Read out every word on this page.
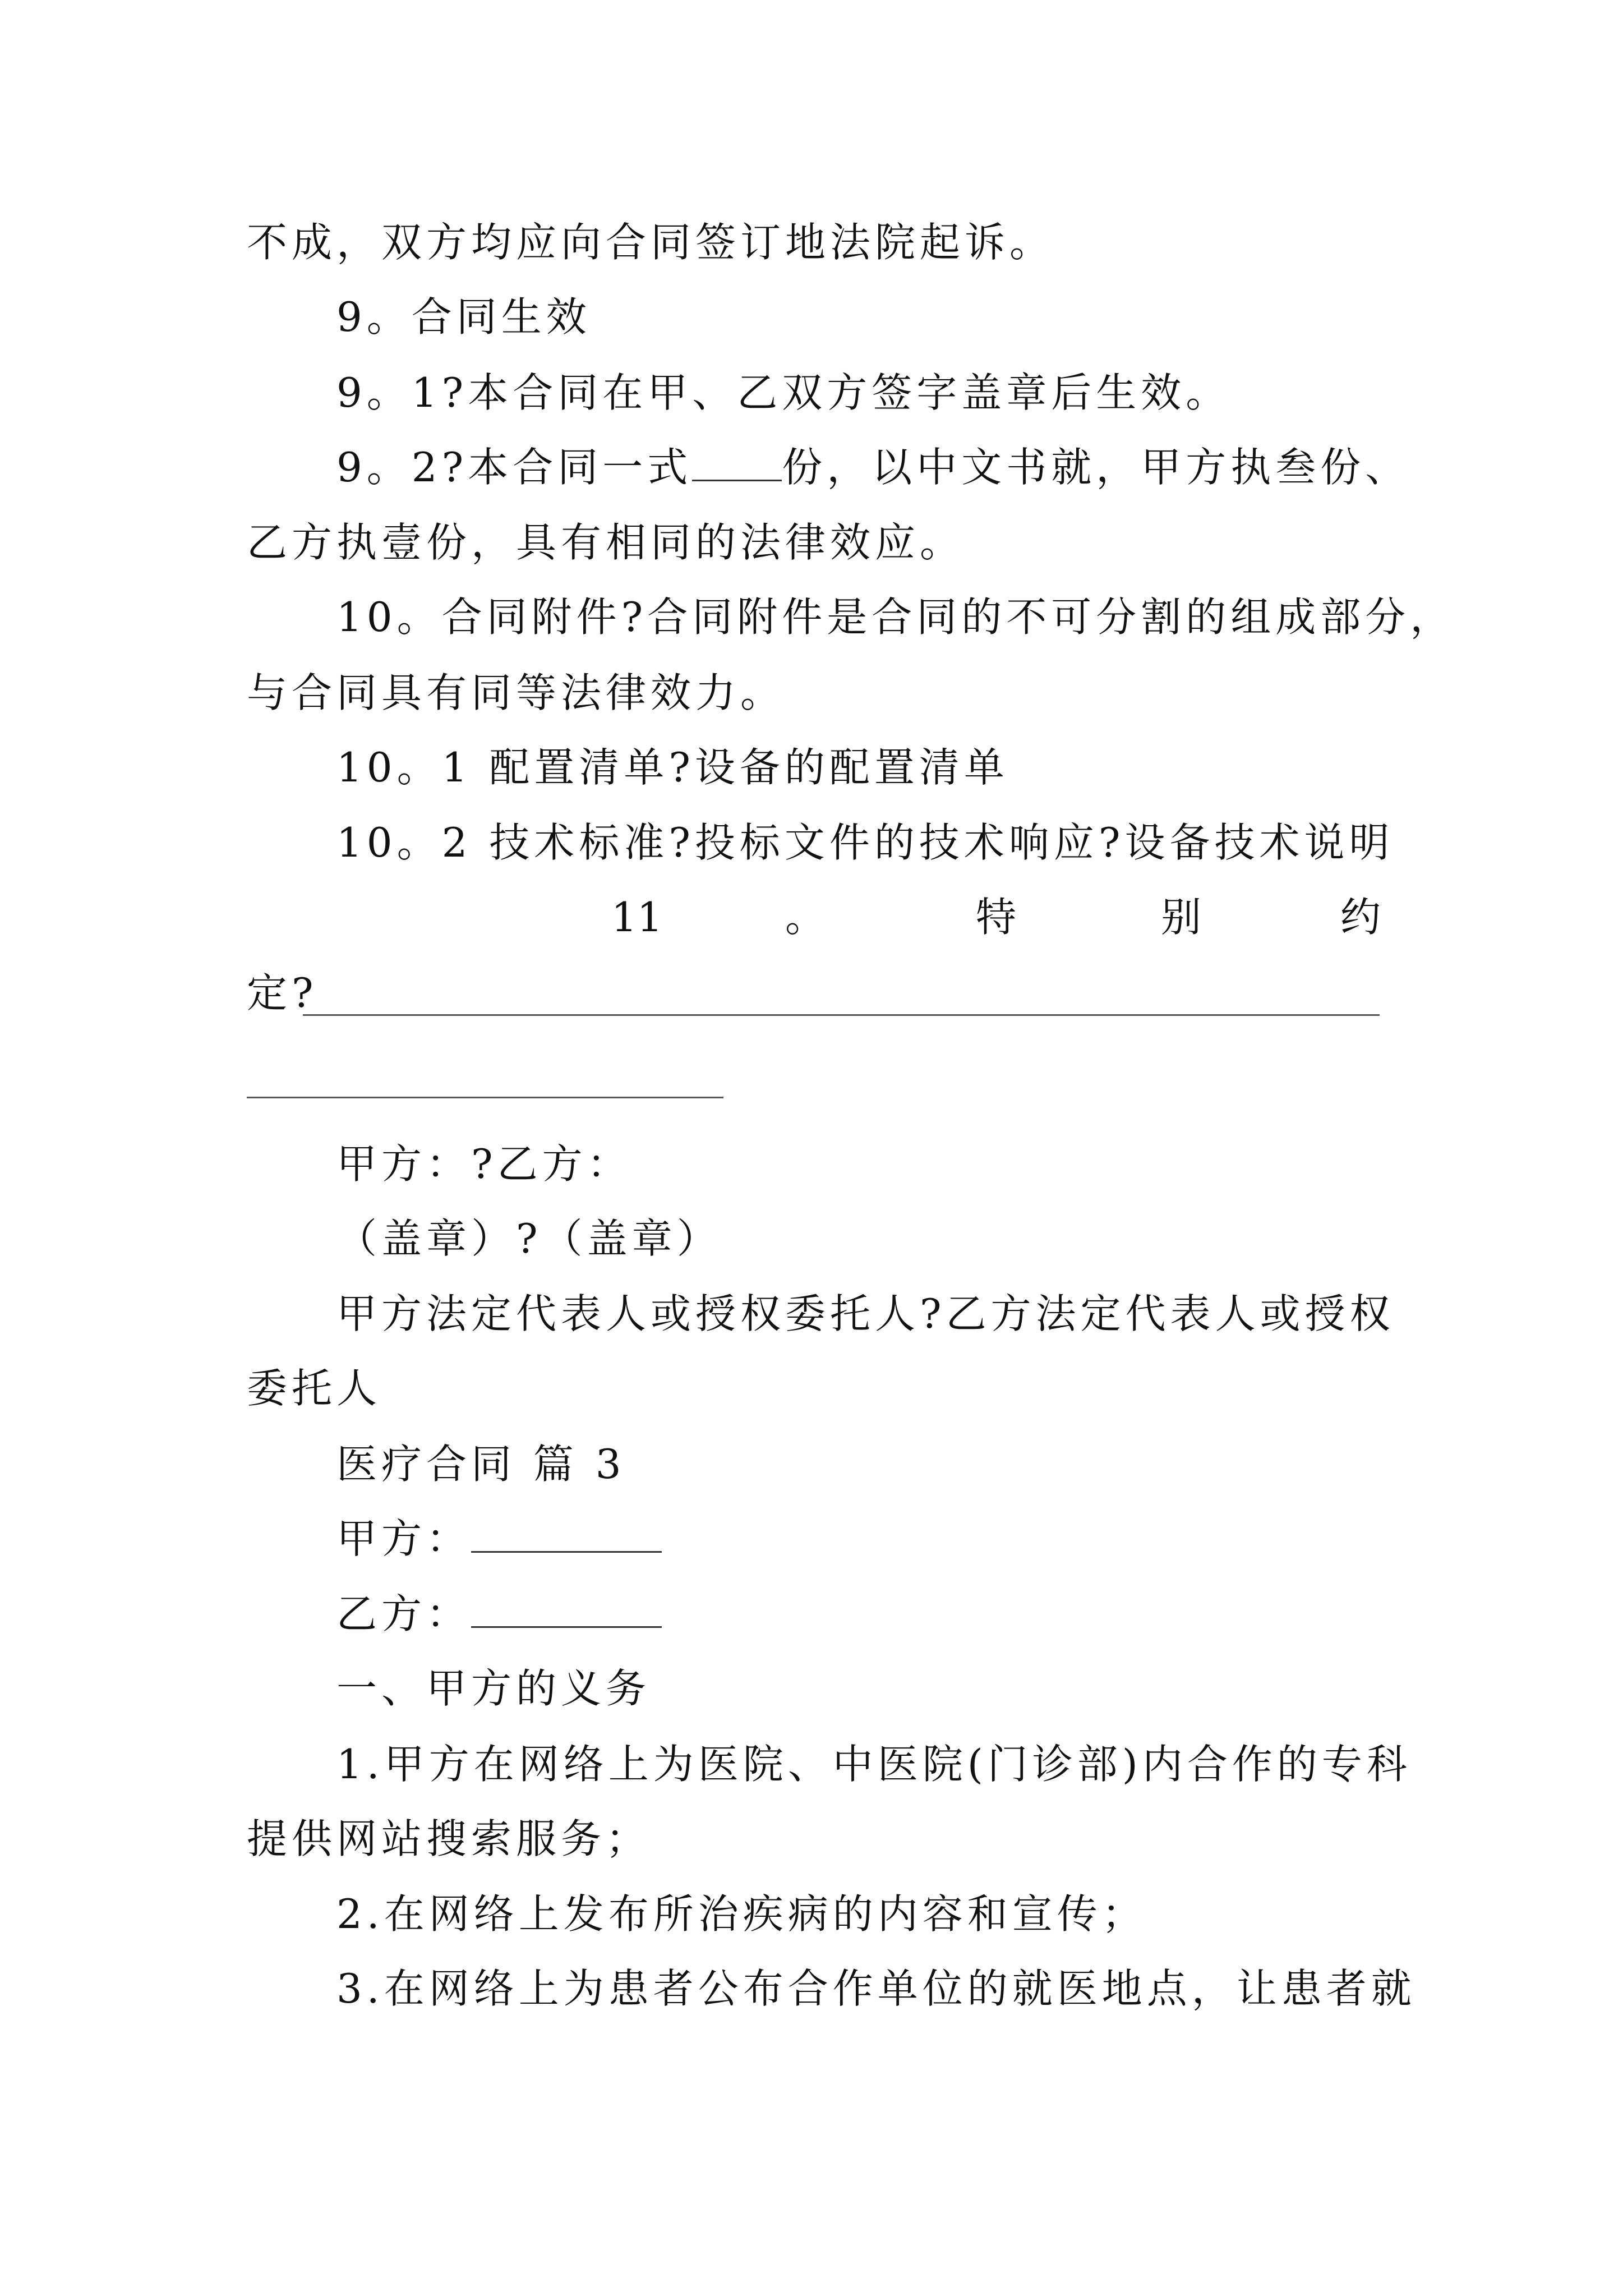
不成，双方均应向合同签订地法院起诉。
9。合同生效
9。1?本合同在甲、乙双方签字盖章后生效。
9。2?本合同一式 份，以中文书就，甲方执叁份、
乙方执壹份，具有相同的法律效应。
10。合同附件?合同附件是合同的不可分割的组成部分，
与合同具有同等法律效力。
10。1 配置清单?设备的配置清单
10。2 技术标准?投标文件的技术响应?设备技术说明
11	。	特	别	约
定?
甲方：?乙方：
（盖章）?（盖章）
甲方法定代表人或授权委托人?乙方法定代表人或授权
委托人
医疗合同 篇 3
甲方：
乙方：
一、甲方的义务
1.甲方在网络上为医院、中医院(门诊部)内合作的专科
提供网站搜索服务；
2.在网络上发布所治疾病的内容和宣传；
3.在网络上为患者公布合作单位的就医地点，让患者就
